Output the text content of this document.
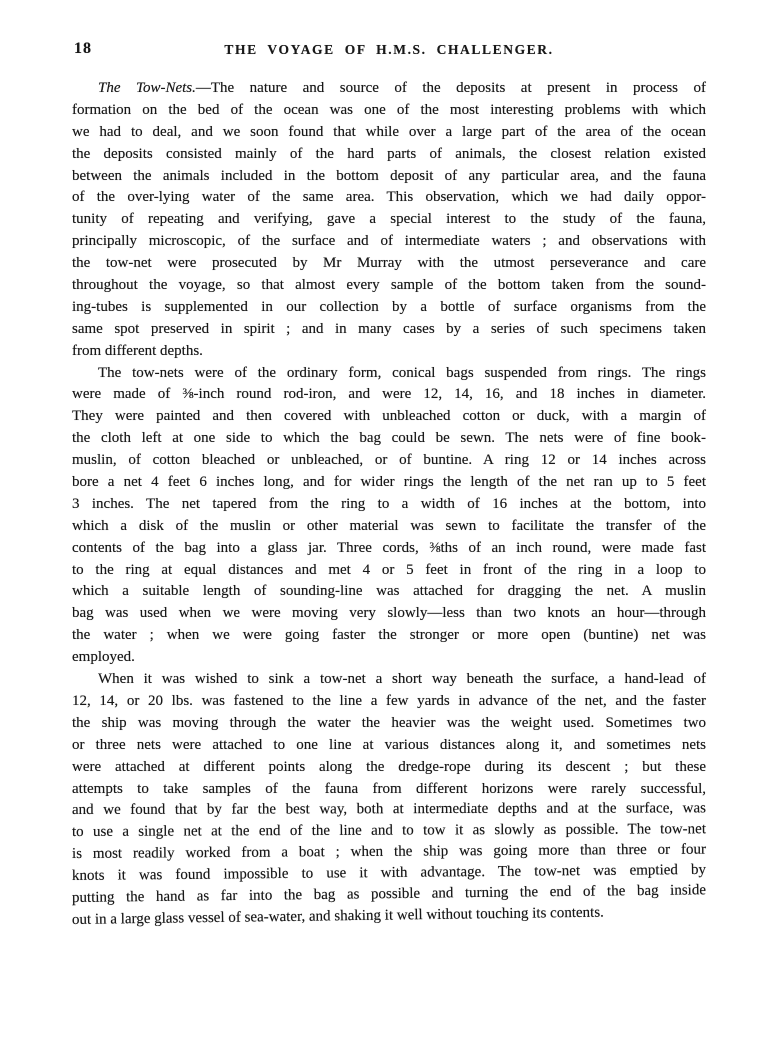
18	THE VOYAGE OF H.M.S. CHALLENGER.
The Tow-Nets.—The nature and source of the deposits at present in process of
formation on the bed of the ocean was one of the most interesting problems with which
we had to deal, and we soon found that while over a large part of the area of the ocean
the deposits consisted mainly of the hard parts of animals, the closest relation existed
between the animals included in the bottom deposit of any particular area, and the fauna
of the over-lying water of the same area. This observation, which we had daily oppor-
tunity of repeating and verifying, gave a special interest to the study of the fauna,
principally microscopic, of the surface and of intermediate waters ; and observations with
the tow-net were prosecuted by Mr Murray with the utmost perseverance and care
throughout the voyage, so that almost every sample of the bottom taken from the sound-
ing-tubes is supplemented in our collection by a bottle of surface organisms from the
same spot preserved in spirit ; and in many cases by a series of such specimens taken
from different depths.
The tow-nets were of the ordinary form, conical bags suspended from rings. The rings
were made of ⅜-inch round rod-iron, and were 12, 14, 16, and 18 inches in diameter.
They were painted and then covered with unbleached cotton or duck, with a margin of
the cloth left at one side to which the bag could be sewn. The nets were of fine book-
muslin, of cotton bleached or unbleached, or of buntine. A ring 12 or 14 inches across
bore a net 4 feet 6 inches long, and for wider rings the length of the net ran up to 5 feet
3 inches. The net tapered from the ring to a width of 16 inches at the bottom, into
which a disk of the muslin or other material was sewn to facilitate the transfer of the
contents of the bag into a glass jar. Three cords, ⅜ths of an inch round, were made fast
to the ring at equal distances and met 4 or 5 feet in front of the ring in a loop to
which a suitable length of sounding-line was attached for dragging the net. A muslin
bag was used when we were moving very slowly—less than two knots an hour—through
the water ; when we were going faster the stronger or more open (buntine) net was
employed.
When it was wished to sink a tow-net a short way beneath the surface, a hand-lead of
12, 14, or 20 lbs. was fastened to the line a few yards in advance of the net, and the faster
the ship was moving through the water the heavier was the weight used. Sometimes two
or three nets were attached to one line at various distances along it, and sometimes nets
were attached at different points along the dredge-rope during its descent ; but these
attempts to take samples of the fauna from different horizons were rarely successful,
and we found that by far the best way, both at intermediate depths and at the surface, was
to use a single net at the end of the line and to tow it as slowly as possible. The tow-net
is most readily worked from a boat ; when the ship was going more than three or four
knots it was found impossible to use it with advantage. The tow-net was emptied by
putting the hand as far into the bag as possible and turning the end of the bag inside
out in a large glass vessel of sea-water, and shaking it well without touching its contents.
